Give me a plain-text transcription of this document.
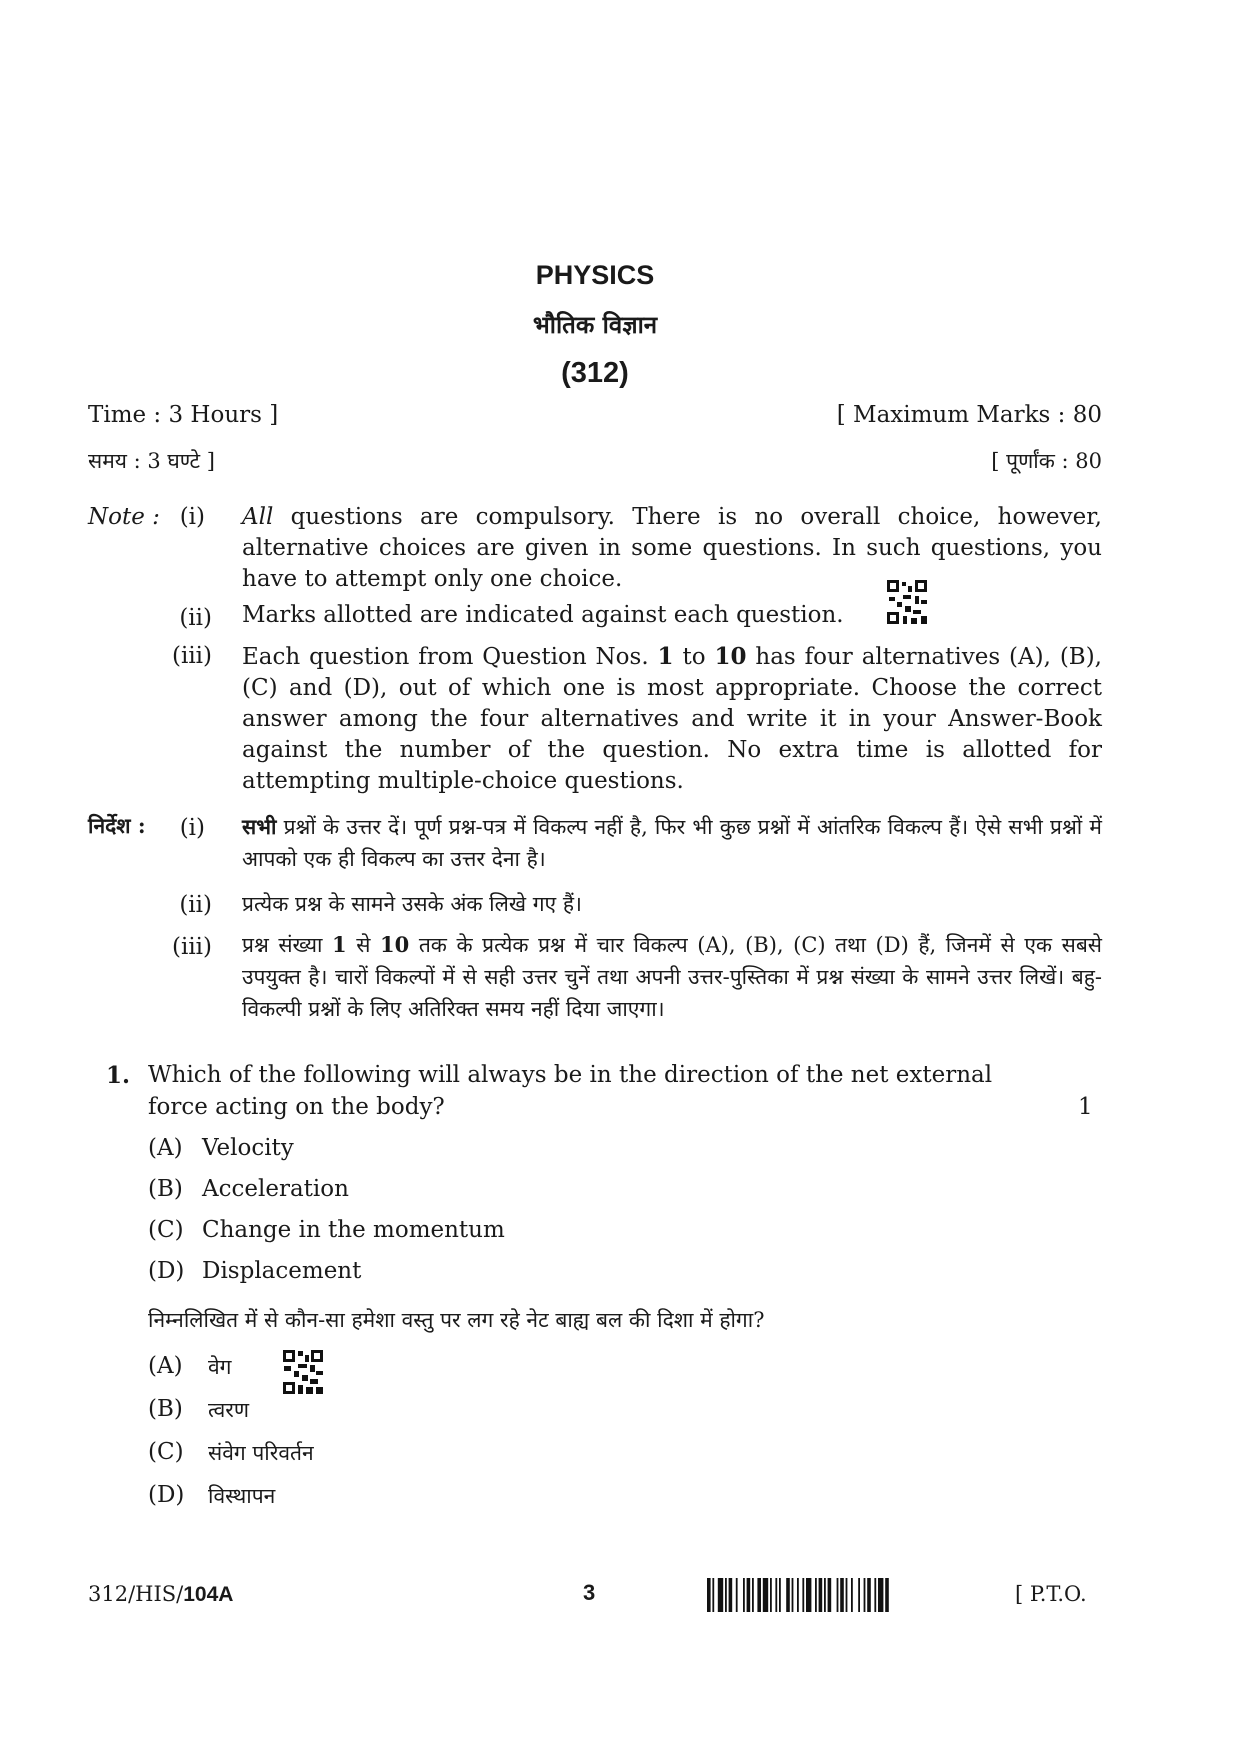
PHYSICS
भौतिक विज्ञान
(312)
Time : 3 Hours ]	[ Maximum Marks : 80
समय : 3 घण्टे ]	[ पूर्णांक : 80
Note : (i) All questions are compulsory. There is no overall choice, however, alternative choices are given in some questions. In such questions, you have to attempt only one choice.
(ii) Marks allotted are indicated against each question.
(iii) Each question from Question Nos. 1 to 10 has four alternatives (A), (B), (C) and (D), out of which one is most appropriate. Choose the correct answer among the four alternatives and write it in your Answer-Book against the number of the question. No extra time is allotted for attempting multiple-choice questions.
निर्देश :	(i) सभी प्रश्नों के उत्तर दें। पूर्ण प्रश्न-पत्र में विकल्प नहीं है, फिर भी कुछ प्रश्नों में आंतरिक विकल्प हैं। ऐसे सभी प्रश्नों में आपको एक ही विकल्प का उत्तर देना है।
(ii) प्रत्येक प्रश्न के सामने उसके अंक लिखे गए हैं।
(iii) प्रश्न संख्या 1 से 10 तक के प्रत्येक प्रश्न में चार विकल्प (A), (B), (C) तथा (D) हैं, जिनमें से एक सबसे उपयुक्त है। चारों विकल्पों में से सही उत्तर चुनें तथा अपनी उत्तर-पुस्तिका में प्रश्न संख्या के सामने उत्तर लिखें। बहु-विकल्पी प्रश्नों के लिए अतिरिक्त समय नहीं दिया जाएगा।
1. Which of the following will always be in the direction of the net external
force acting on the body?	1
(A) Velocity
(B) Acceleration
(C) Change in the momentum
(D) Displacement
निम्नलिखित में से कौन-सा हमेशा वस्तु पर लग रहे नेट बाह्य बल की दिशा में होगा?
(A) वेग
(B) त्वरण
(C) संवेग परिवर्तन
(D) विस्थापन
312/HIS/104A	3	[ P.T.O.
